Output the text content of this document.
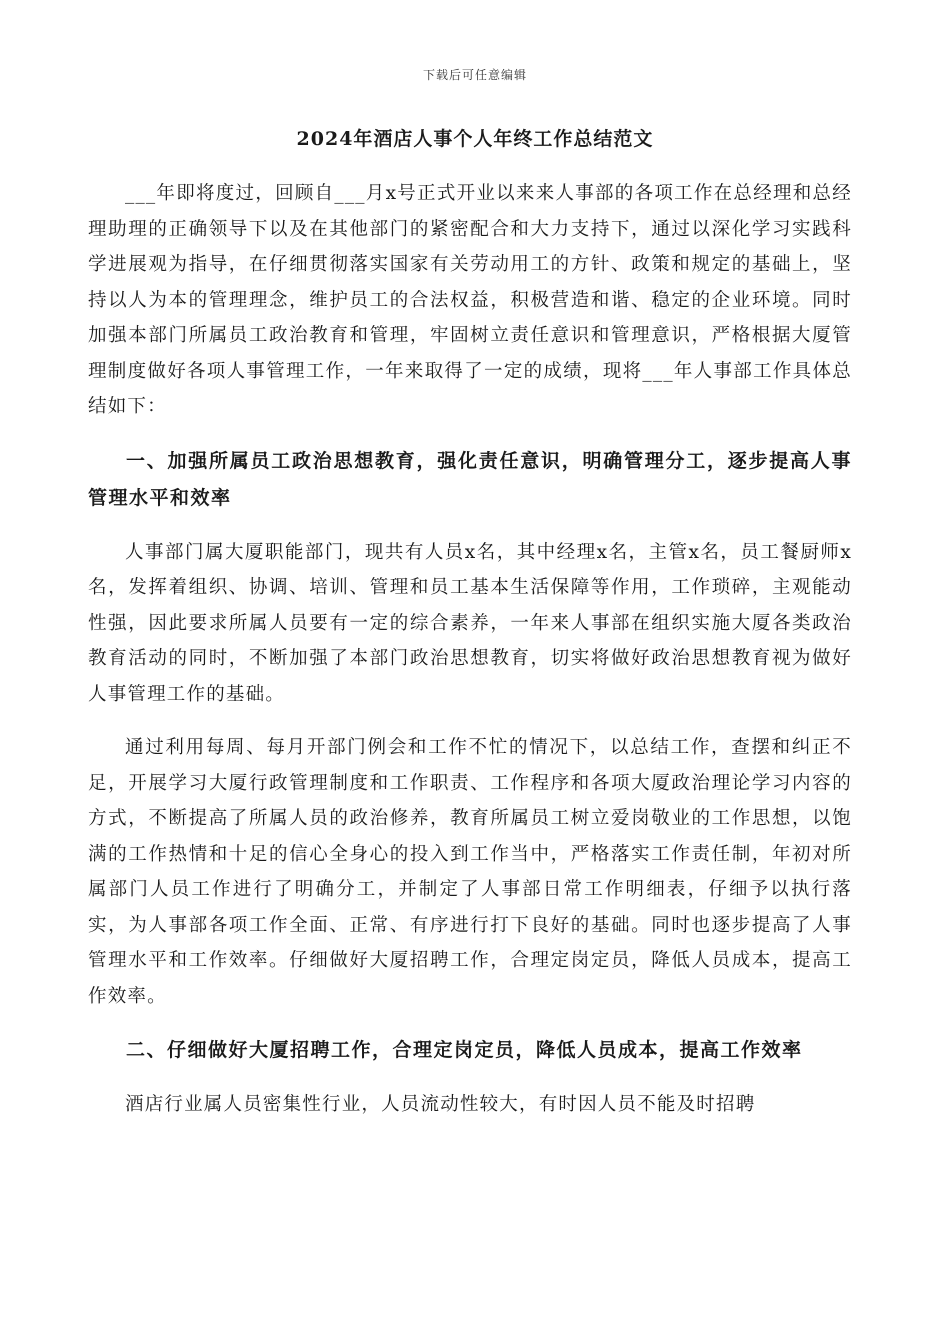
下载后可任意编辑
2024年酒店人事个人年终工作总结范文

___年即将度过，回顾自___月x号正式开业以来来人事部的各项工作在总经理和总经理助理的正确领导下以及在其他部门的紧密配合和大力支持下，通过以深化学习实践科学进展观为指导，在仔细贯彻落实国家有关劳动用工的方针、政策和规定的基础上，坚持以人为本的管理理念，维护员工的合法权益，积极营造和谐、稳定的企业环境。同时加强本部门所属员工政治教育和管理，牢固树立责任意识和管理意识，严格根据大厦管理制度做好各项人事管理工作，一年来取得了一定的成绩，现将___年人事部工作具体总结如下：

一、加强所属员工政治思想教育，强化责任意识，明确管理分工，逐步提高人事管理水平和效率

人事部门属大厦职能部门，现共有人员x名，其中经理x名，主管x名，员工餐厨师x名，发挥着组织、协调、培训、管理和员工基本生活保障等作用，工作琐碎，主观能动性强，因此要求所属人员要有一定的综合素养，一年来人事部在组织实施大厦各类政治教育活动的同时，不断加强了本部门政治思想教育，切实将做好政治思想教育视为做好人事管理工作的基础。

通过利用每周、每月开部门例会和工作不忙的情况下，以总结工作，查摆和纠正不足，开展学习大厦行政管理制度和工作职责、工作程序和各项大厦政治理论学习内容的方式，不断提高了所属人员的政治修养，教育所属员工树立爱岗敬业的工作思想，以饱满的工作热情和十足的信心全身心的投入到工作当中，严格落实工作责任制，年初对所属部门人员工作进行了明确分工，并制定了人事部日常工作明细表，仔细予以执行落实，为人事部各项工作全面、正常、有序进行打下良好的基础。同时也逐步提高了人事管理水平和工作效率。仔细做好大厦招聘工作，合理定岗定员，降低人员成本，提高工作效率。

二、仔细做好大厦招聘工作，合理定岗定员，降低人员成本，提高工作效率

酒店行业属人员密集性行业，人员流动性较大，有时因人员不能及时招聘
